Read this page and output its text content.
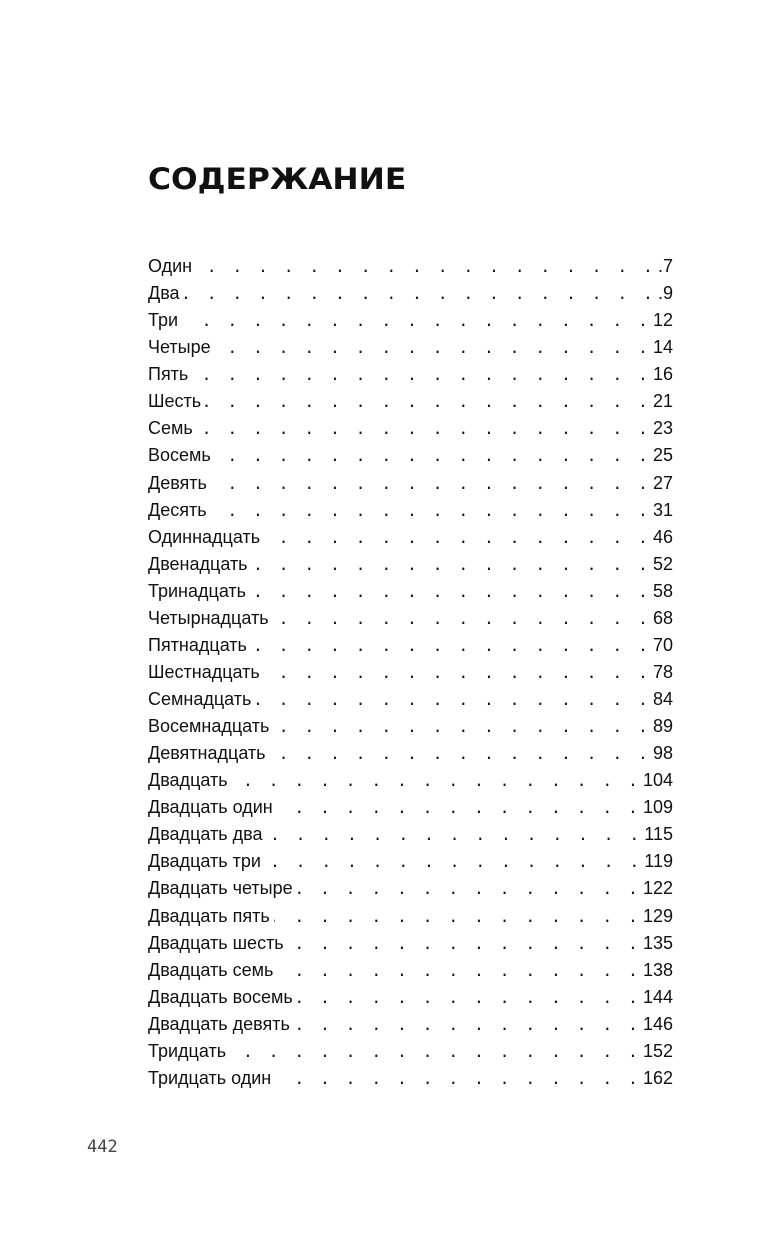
СОДЕРЖАНИЕ
Один . . .	.7
Два . . .	.9
Три . . .	12
Четыре . . .	14
Пять . . .	16
Шесть . . .	21
Семь . . .	23
Восемь . . .	25
Девять . . .	27
Десять . . .	31
Одиннадцать . . .	46
Двенадцать . . .	52
Тринадцать . . .	58
Четырнадцать . . .	68
Пятнадцать . . .	70
Шестнадцать . . .	78
Семнадцать . . .	84
Восемнадцать . . .	89
Девятнадцать . . .	98
Двадцать . . .	104
Двадцать один . . .	109
Двадцать два . . .	115
Двадцать три . . .	119
Двадцать четыре . . .	122
Двадцать пять . . .	129
Двадцать шесть . . .	135
Двадцать семь . . .	138
Двадцать восемь . . .	144
Двадцать девять . . .	146
Тридцать . . .	152
Тридцать один . . .	162

442
